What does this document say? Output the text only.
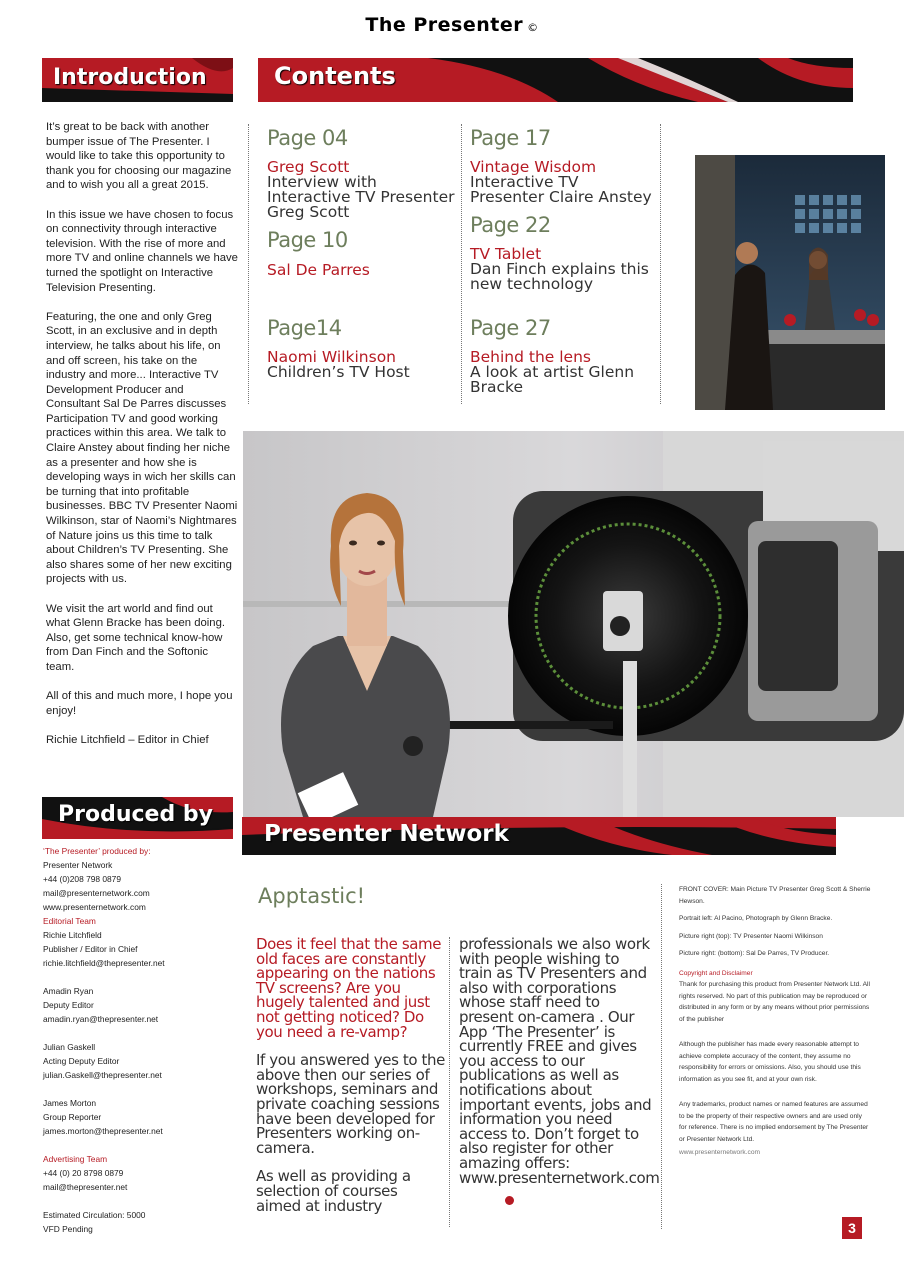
The Presenter ©
Introduction	Contents

It’s great to be back with another bumper issue of The Presenter. I would like to take this opportunity to thank you for choosing our magazine and to wish you all a great 2015.

In this issue we have chosen to focus on connectivity through interactive television. With the rise of more and more TV and online channels we have turned the spotlight on Interactive Television Presenting.

Featuring, the one and only Greg Scott, in an exclusive and in depth interview, he talks about his life, on and off screen, his take on the industry and more... Interactive TV Development Producer and Consultant Sal De Parres discusses Participation TV and good working practices within this area. We talk to Claire Anstey about finding her niche as a presenter and how she is developing ways in wich her skills can be turning that into profitable businesses. BBC TV Presenter Naomi Wilkinson, star of Naomi’s Nightmares of Nature joins us this time to talk about Children’s TV Presenting. She also shares some of her new exciting projects with us.

We visit the art world and find out what Glenn Bracke has been doing. Also, get some technical know-how from Dan Finch and the Softonic team.

All of this and much more, I hope you enjoy!

Richie Litchfield – Editor in Chief

Page 04
Greg Scott
Interview with Interactive TV Presenter Greg Scott
Page 10
Sal De Parres
Page14
Naomi Wilkinson
Children’s TV Host
Page 17
Vintage Wisdom
Interactive TV Presenter Claire Anstey
Page 22
TV Tablet
Dan Finch explains this new technology
Page 27
Behind the lens
A look at artist Glenn Bracke
Produced by
Presenter Network
‘The Presenter’ produced by:
Presenter Network
+44 (0)208 798 0879
mail@presenternetwork.com
www.presenternetwork.com
Editorial Team
Richie Litchfield
Publisher / Editor in Chief
richie.litchfield@thepresenter.net
Amadin Ryan
Deputy Editor
amadin.ryan@thepresenter.net
Julian Gaskell
Acting Deputy Editor
julian.Gaskell@thepresenter.net
James Morton
Group Reporter
james.morton@thepresenter.net
Advertising Team
+44 (0) 20 8798 0879
mail@thepresenter.net
Estimated Circulation: 5000
VFD Pending
Apptastic!

Does it feel that the same old faces are constantly appearing on the nations TV screens? Are you hugely talented and just not getting noticed? Do you need a re-vamp?

If you answered yes to the above then our series of workshops, seminars and private coaching sessions have been developed for Presenters working on-camera.

As well as providing a selection of courses aimed at industry

professionals we also work with people wishing to train as TV Presenters and also with corporations whose staff need to present on-camera . Our App ‘The Presenter’ is currently FREE and gives you access to our publications as well as notifications about important events, jobs and information you need access to. Don’t forget to also register for other amazing offers: www.presenternetwork.com

FRONT COVER: Main Picture TV Presenter Greg Scott & Sherrie Hewson.

Portrait left: Al Pacino, Photograph by Glenn Bracke.

Picture right (top): TV Presenter Naomi Wilkinson

Picture right: (bottom): Sal De Parres, TV Producer.

Copyright and Disclaimer

Thank for purchasing this product from Presenter Network Ltd. All rights reserved. No part of this publication may be reproduced or distributed in any form or by any means without prior permissions of the publisher

Although the publisher has made every reasonable attempt to achieve complete accuracy of the content, they assume no responsibility for errors or omissions. Also, you should use this information as you see fit, and at your own risk.

Any trademarks, product names or named features are assumed to be the property of their respective owners and are used only for reference. There is no implied endorsement by The Presenter or Presenter Network Ltd.

www.presenternetwork.com

3
